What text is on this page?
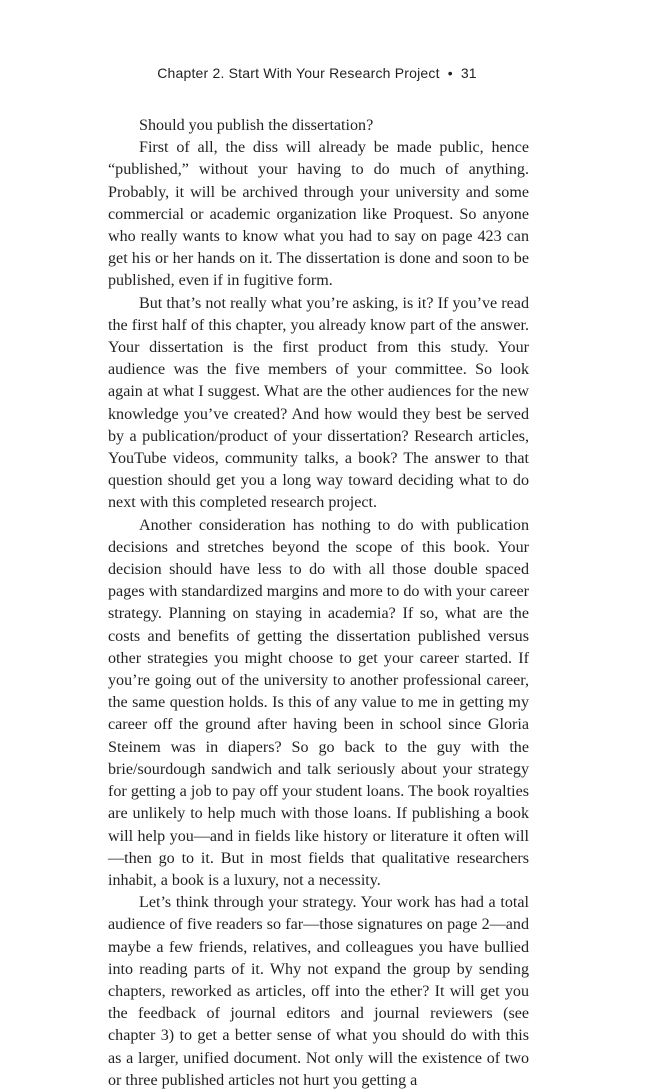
Chapter 2. Start With Your Research Project • 31

Should you publish the dissertation?

First of all, the diss will already be made public, hence “published,” without your having to do much of anything. Probably, it will be archived through your university and some commercial or academic organization like Proquest. So anyone who really wants to know what you had to say on page 423 can get his or her hands on it. The dissertation is done and soon to be published, even if in fugitive form.

But that’s not really what you’re asking, is it? If you’ve read the first half of this chapter, you already know part of the answer. Your dissertation is the first product from this study. Your audience was the five members of your committee. So look again at what I suggest. What are the other audiences for the new knowledge you’ve created? And how would they best be served by a publication/product of your dissertation? Research articles, YouTube videos, community talks, a book? The answer to that question should get you a long way toward deciding what to do next with this completed research project.

Another consideration has nothing to do with publication decisions and stretches beyond the scope of this book. Your decision should have less to do with all those double spaced pages with standardized margins and more to do with your career strategy. Planning on staying in academia? If so, what are the costs and benefits of getting the dissertation published versus other strategies you might choose to get your career started. If you’re going out of the university to another professional career, the same question holds. Is this of any value to me in getting my career off the ground after having been in school since Gloria Steinem was in diapers? So go back to the guy with the brie/sourdough sandwich and talk seriously about your strategy for getting a job to pay off your student loans. The book royalties are unlikely to help much with those loans. If publishing a book will help you—and in fields like history or literature it often will—then go to it. But in most fields that qualitative researchers inhabit, a book is a luxury, not a necessity.

Let’s think through your strategy. Your work has had a total audience of five readers so far—those signatures on page 2—and maybe a few friends, relatives, and colleagues you have bullied into reading parts of it. Why not expand the group by sending chapters, reworked as articles, off into the ether? It will get you the feedback of journal editors and journal reviewers (see chapter 3) to get a better sense of what you should do with this as a larger, unified document. Not only will the existence of two or three published articles not hurt you getting a
